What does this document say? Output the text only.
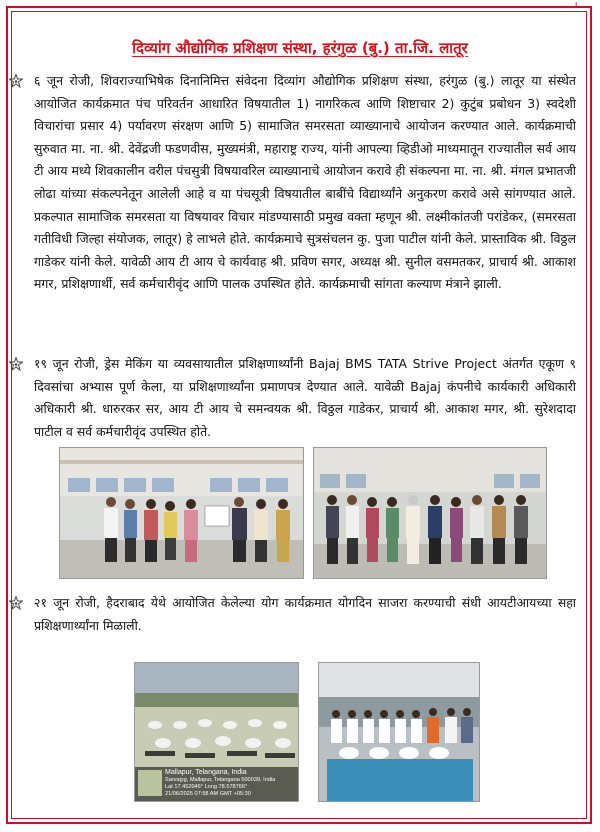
ι
दिव्यांग औद्योगिक प्रशिक्षण संस्था, हरंगुळ (बु.) ता.जि. लातूर
६ जून रोजी, शिवराज्याभिषेक दिनानिमित्त संवेदना दिव्यांग औद्योगिक प्रशिक्षण संस्था, हरंगुळ (बु.) लातूर या संस्थेत आयोजित कार्यक्रमात पंच परिवर्तन आधारित विषयातील 1) नागरिकत्व आणि शिष्टाचार 2) कुटुंब प्रबोधन 3) स्वदेशी विचारांचा प्रसार 4) पर्यावरण संरक्षण आणि 5) सामाजित समरसता व्याख्यानाचे आयोजन करण्यात आले. कार्यक्रमाची सुरुवात मा. ना. श्री. देवेंद्रजी फडणवीस, मुख्यमंत्री, महाराष्ट्र राज्य, यांनी आपल्या व्हिडीओ माध्यमातून राज्यातील सर्व आय टी आय मध्ये शिवकालीन वरील पंचसुत्री विषयावरिल व्याख्यानाचे आयोजन करावे ही संकल्पना मा. ना. श्री. मंगल प्रभातजी लोढा यांच्या संकल्पनेतून आलेली आहे व या पंचसूत्री विषयातील बाबींचे विद्यार्थ्यांने अनुकरण करावे असे सांगण्यात आले. प्रकल्पात सामाजिक समरसता या विषयावर विचार मांडण्यासाठी प्रमुख वक्ता म्हणून श्री. लक्ष्मीकांतजी परांडेकर, (समरसता गतीविधी जिल्हा संयोजक, लातूर) हे लाभले होते. कार्यक्रमाचे सुत्रसंचलन कु. पुजा पाटील यांनी केले. प्रास्ताविक श्री. विठ्ठल गाडेकर यांनी केले. यावेळी आय टी आय चे कार्यवाह श्री. प्रविण सगर, अध्यक्ष श्री. सुनील वसमतकर, प्राचार्य श्री. आकाश मगर, प्रशिक्षणार्थी, सर्व कर्मचारीवृंद आणि पालक उपस्थित होते. कार्यक्रमाची सांगता कल्याण मंत्राने झाली.
१९ जून रोजी, ड्रेस मेकिंग या व्यवसायातील प्रशिक्षणार्थ्यांनी Bajaj BMS TATA Strive Project अंतर्गत एकूण ९ दिवसांचा अभ्यास पूर्ण केला, या प्रशिक्षणार्थ्यांना प्रमाणपत्र देण्यात आले. यावेळी Bajaj कंपनीचे कार्यकारी अधिकारी अधिकारी श्री. धारुरकर सर, आय टी आय चे समन्वयक श्री. विठ्ठल गाडेकर, प्राचार्य श्री. आकाश मगर, श्री. सुरेशदादा पाटील व सर्व कर्मचारीवृंद उपस्थित होते.
२१ जून रोजी, हैदराबाद येथे आयोजित केलेल्या योग कार्यक्रमात योगदिन साजरा करण्याची संधी आयटीआयच्या सहा प्रशिक्षणार्थ्यांना मिळाली.
Mallapur, Telangana, India
Sarvajyg, Mallapur, Telangana 500039, India
Lat 17.452046° Long 78.578766°
21/06/2025 07:58 AM GMT +05:30
